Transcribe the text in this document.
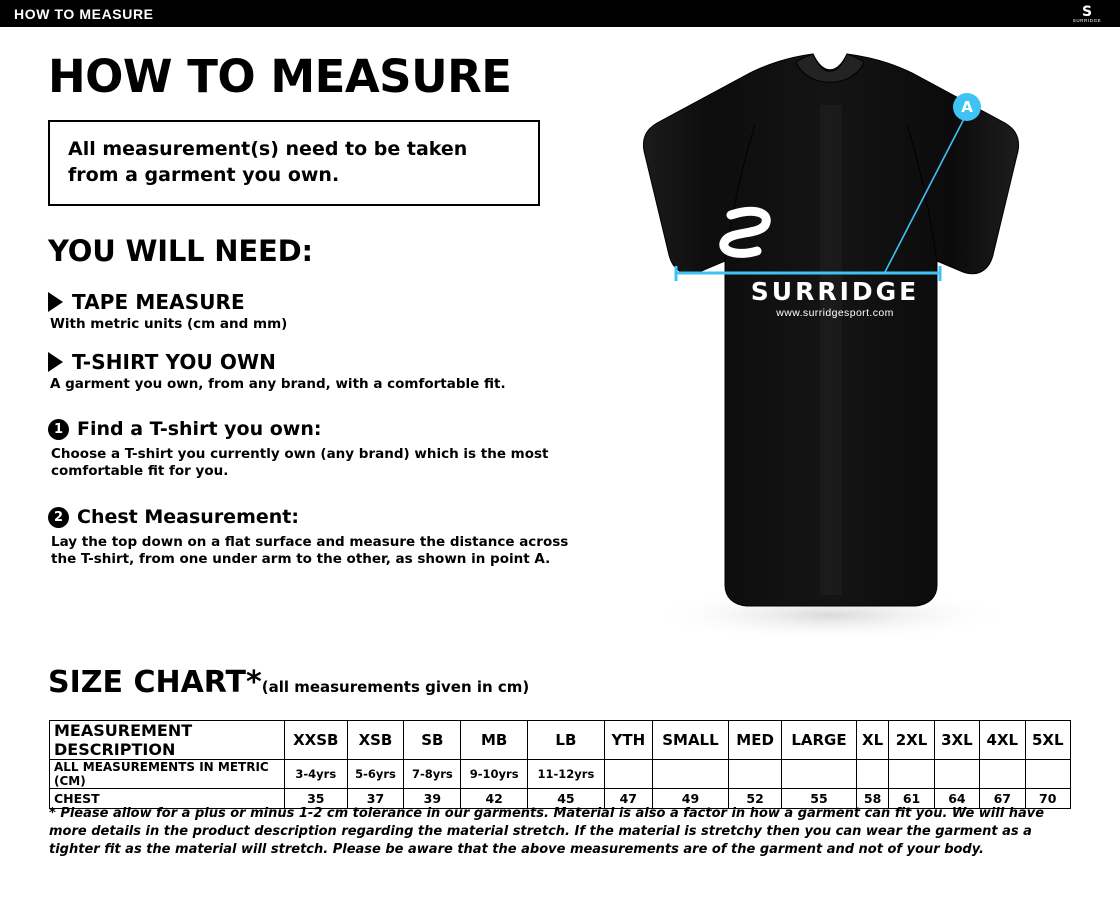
HOW TO MEASURE	S
SURRIDGE
HOW TO MEASURE
All measurement(s) need to be taken from a garment you own.
YOU WILL NEED:
TAPE MEASURE
With metric units (cm and mm)
T-SHIRT YOU OWN
A garment you own, from any brand, with a comfortable fit.
1 Find a T-shirt you own:
Choose a T-shirt you currently own (any brand) which is the most comfortable fit for you.
2 Chest Measurement:
Lay the top down on a flat surface and measure the distance across the T-shirt, from one under arm to the other, as shown in point A.
A
SURRIDGE
www.surridgesport.com
SIZE CHART*(all measurements given in cm)
MEASUREMENT DESCRIPTION	XXSB	XSB	SB	MB	LB	YTH	SMALL	MED	LARGE	XL	2XL	3XL	4XL	5XL
ALL MEASUREMENTS IN METRIC (CM)	3-4yrs	5-6yrs	7-8yrs	9-10yrs	11-12yrs									
CHEST	35	37	39	42	45	47	49	52	55	58	61	64	67	70
* Please allow for a plus or minus 1-2 cm tolerance in our garments. Material is also a factor in how a garment can fit you. We will have more details in the product description regarding the material stretch. If the material is stretchy then you can wear the garment as a tighter fit as the material will stretch. Please be aware that the above measurements are of the garment and not of your body.
